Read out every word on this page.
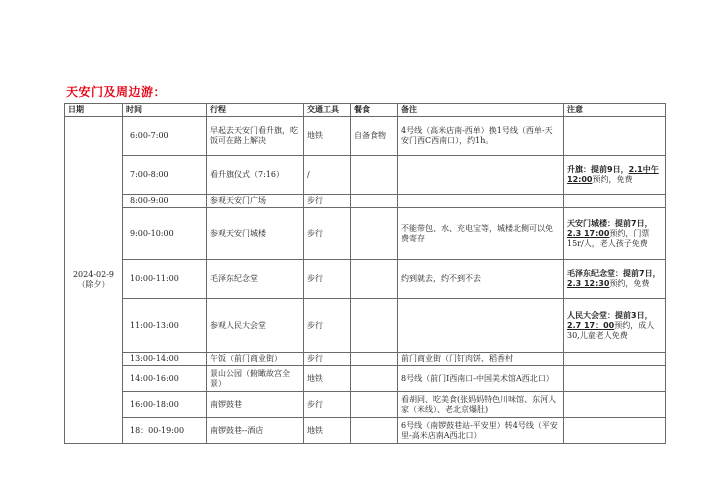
天安门及周边游：
日期	时间	行程	交通工具	餐食	备注	注意

2024-02-9
（除夕）	6:00-7:00	早起去天安门看升旗，吃饭可在路上解决	地铁	自备食物	4号线（高米店南-西单）换1号线（西单-天安门西C西南口），约1h。	
	7:00-8:00	看升旗仪式（7:16）	/			升旗：提前9日，2.1中午12:00预约，免费
	8:00-9:00	参观天安门广场	步行			
	9:00-10:00	参观天安门城楼	步行		不能带包、水、充电宝等，城楼北侧可以免费寄存	天安门城楼：提前7日，2.3 17:00预约，门票15r/人，老人孩子免费
	10:00-11:00	毛泽东纪念堂	步行		约到就去，约不到不去	毛泽东纪念堂：提前7日，2.3 12:30预约，免费
	11:00-13:00	参观人民大会堂	步行			人民大会堂：提前3日，2.7 17：00预约，成人30,儿童老人免费
	13:00-14:00	午饭（前门商业街）	步行		前门商业街（门钉肉饼、稻香村	
	14:00-16:00	景山公园（俯瞰故宫全景）	地铁		8号线（前门I西南口-中国美术馆A西北口）	
	16:00-18:00	南锣鼓巷	步行		看胡同、吃美食(张妈妈特色川味馆、东河人家（米线）、老北京爆肚)	
	18：00-19:00	南锣鼓巷--酒店	地铁		6号线（南锣鼓巷站-平安里）转4号线（平安里-高米店南A西北口）	
